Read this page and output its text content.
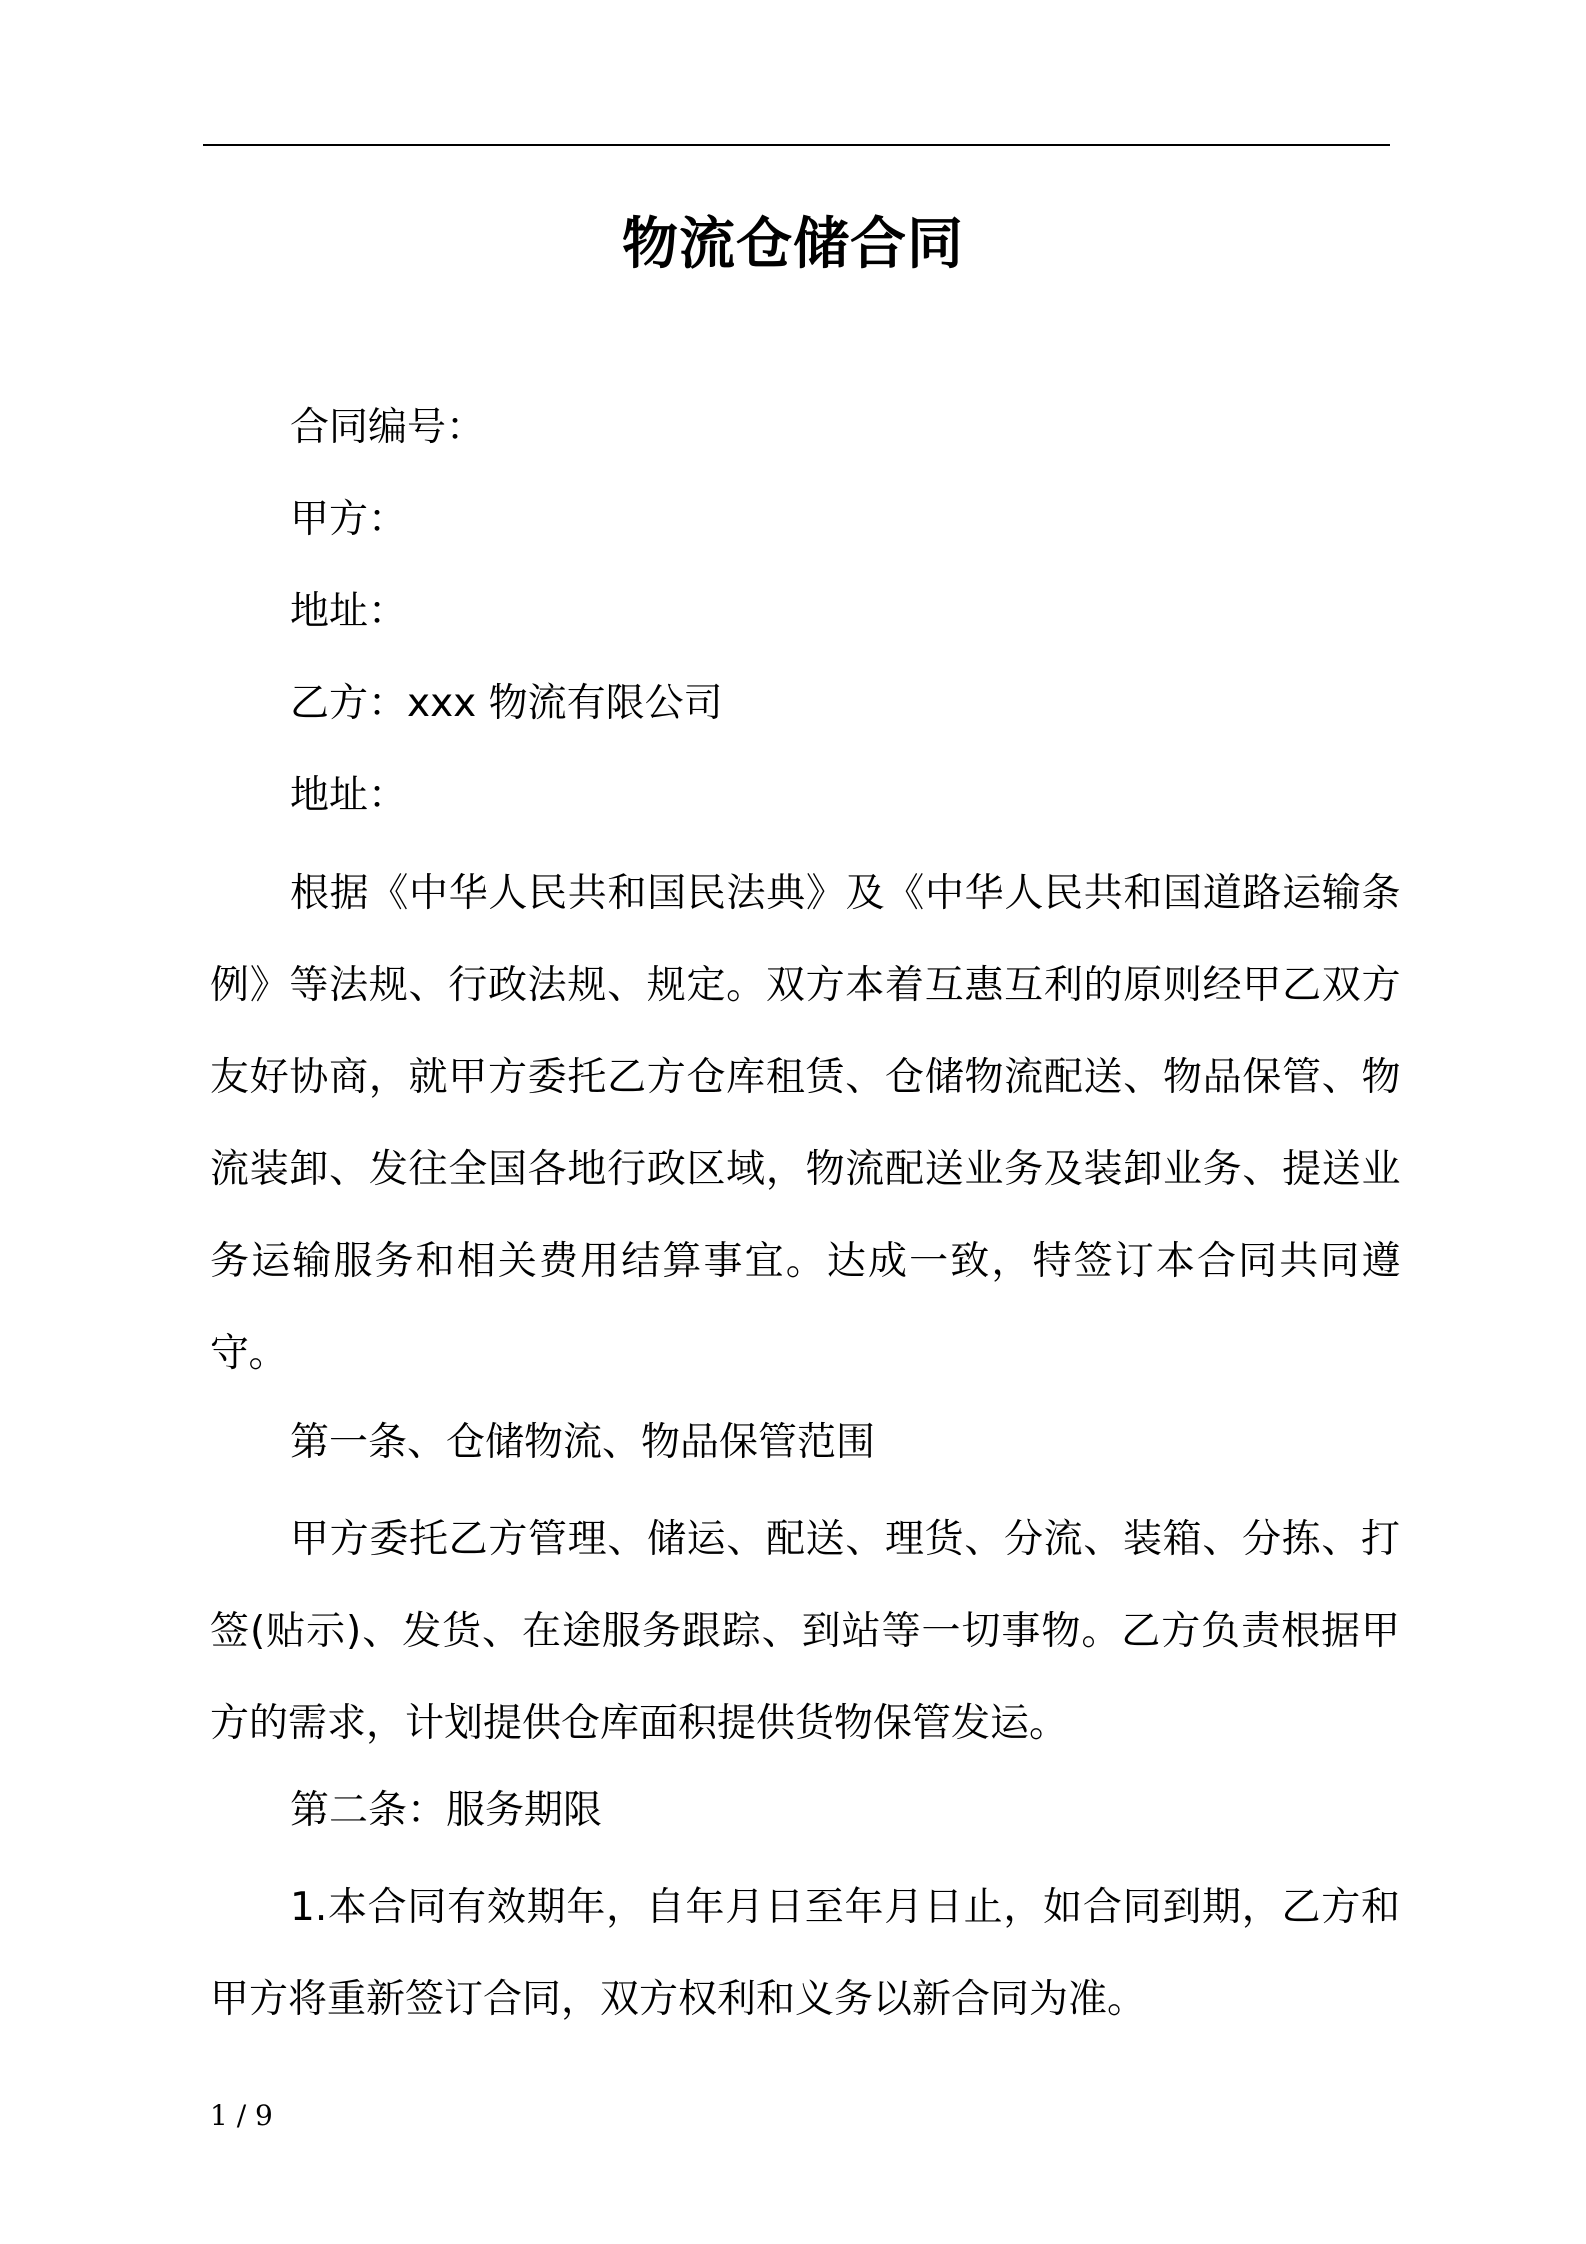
物流仓储合同
合同编号：
甲方：
地址：
乙方：xxx 物流有限公司
地址：

根据《中华人民共和国民法典》及《中华人民共和国道路运输条例》等法规、行政法规、规定。双方本着互惠互利的原则经甲乙双方友好协商，就甲方委托乙方仓库租赁、仓储物流配送、物品保管、物流装卸、发往全国各地行政区域，物流配送业务及装卸业务、提送业务运输服务和相关费用结算事宜。达成一致，特签订本合同共同遵守。

第一条、仓储物流、物品保管范围

甲方委托乙方管理、储运、配送、理货、分流、装箱、分拣、打签(贴示)、发货、在途服务跟踪、到站等一切事物。乙方负责根据甲方的需求，计划提供仓库面积提供货物保管发运。

第二条：服务期限

1.本合同有效期年，自年月日至年月日止，如合同到期，乙方和甲方将重新签订合同，双方权利和义务以新合同为准。

1 / 9
